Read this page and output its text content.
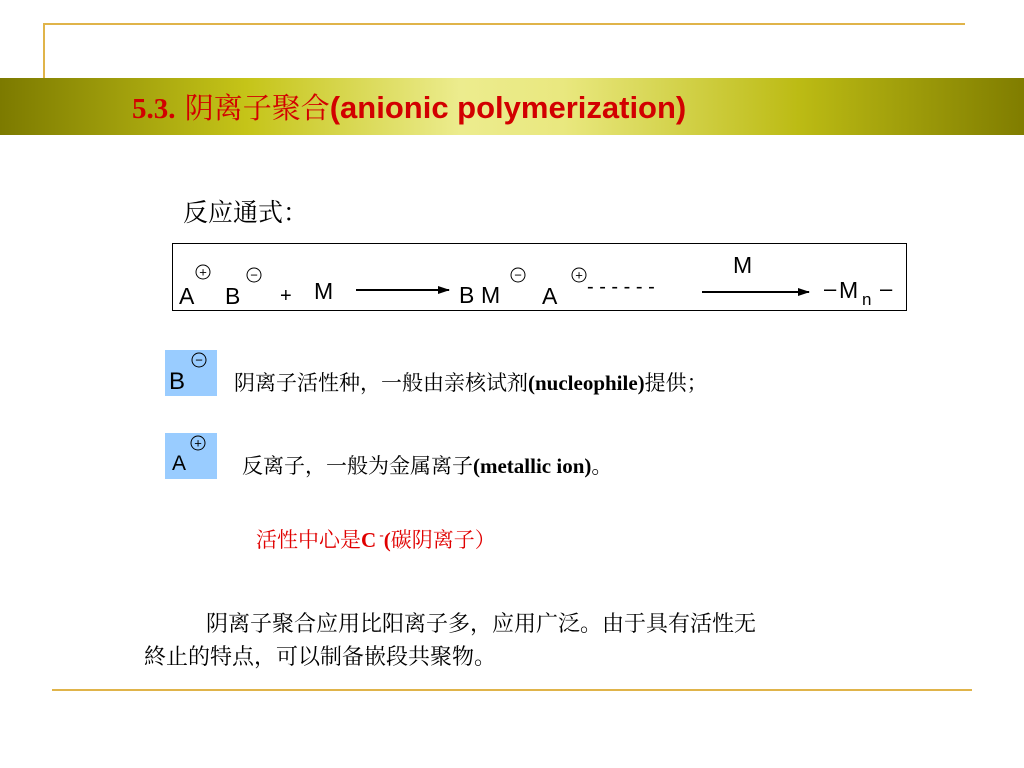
5.3. 阴离子聚合(anionic polymerization)
反应通式：
+
A
−
B + M	B M
−
A
+
- - - - - -
M
– M n –
−
B 阴离子活性种，一般由亲核试剂(nucleophile)提供；
+
A	反离子，一般为金属离子(metallic ion)。
活性中心是C -(碳阴离子）
阴离子聚合应用比阳离子多，应用广泛。由于具有活性无
終止的特点，可以制备嵌段共聚物。
